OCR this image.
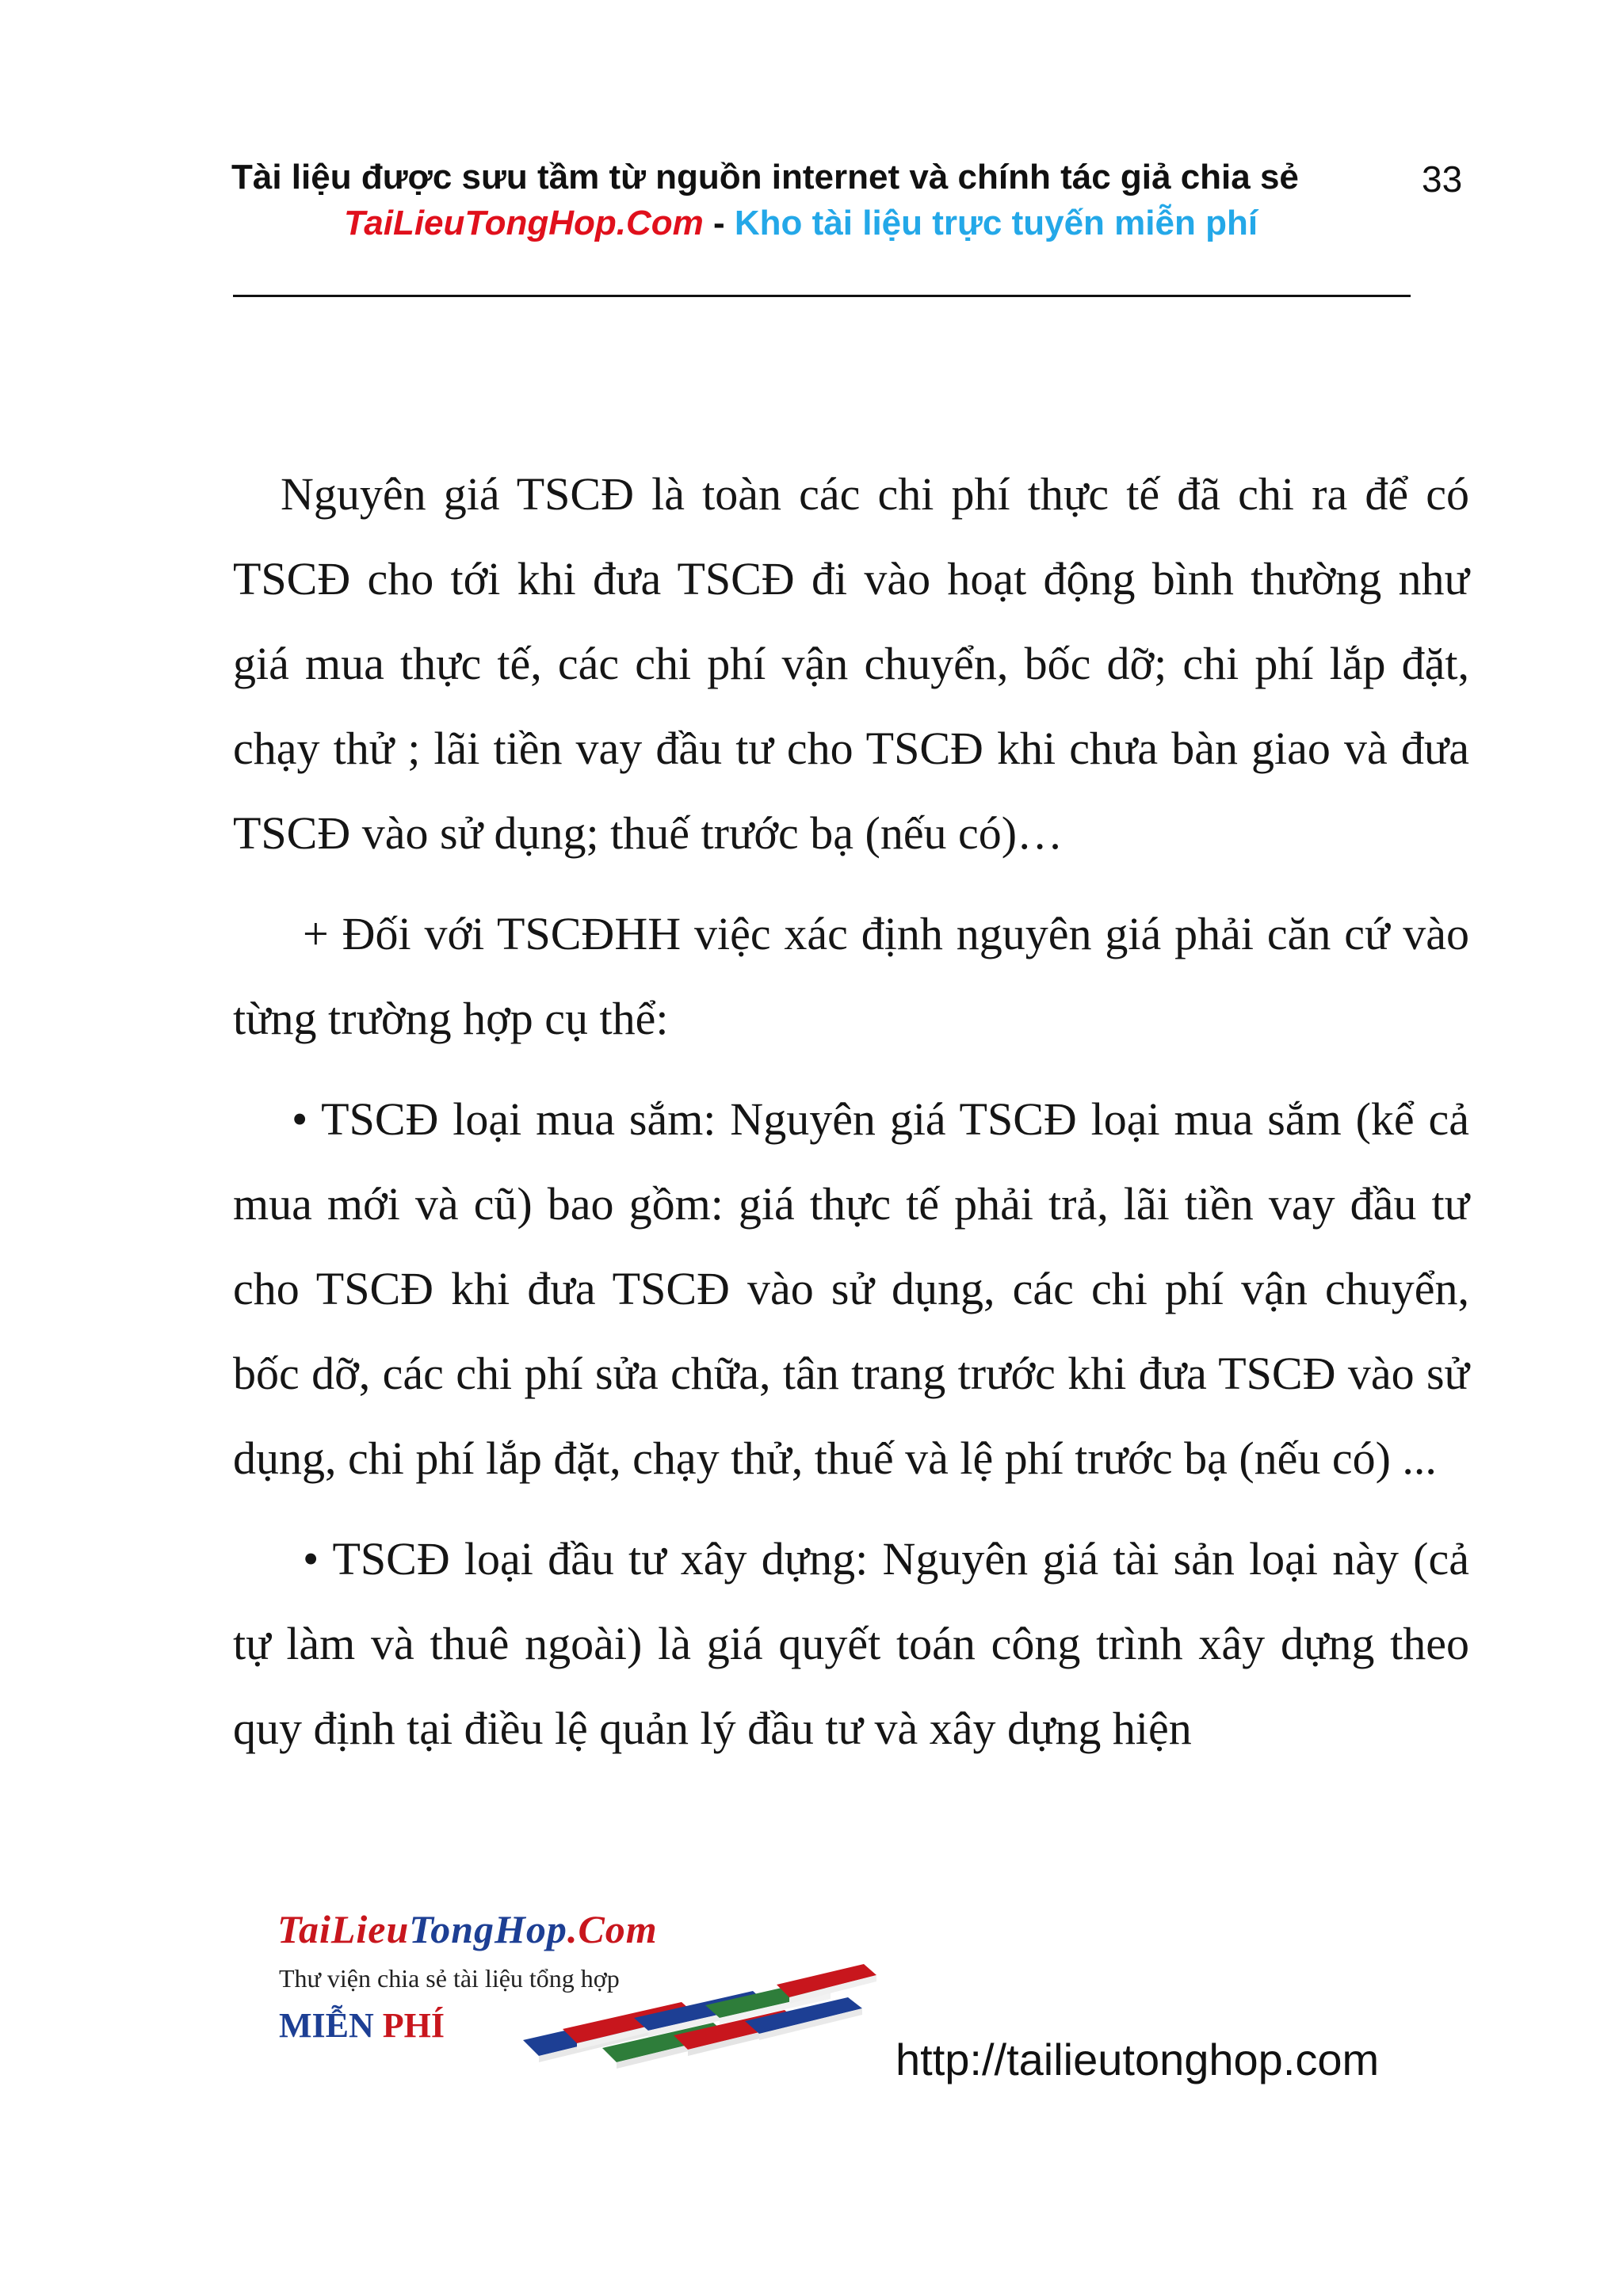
Tài liệu được sưu tầm từ nguồn internet và chính tác giả chia sẻ	33
TaiLieuTongHop.Com - Kho tài liệu trực tuyến miễn phí

Nguyên giá TSCĐ là toàn các chi phí thực tế đã chi ra để có TSCĐ cho tới khi đưa TSCĐ đi vào hoạt động bình thường như giá mua thực tế, các chi phí vận chuyển, bốc dỡ; chi phí lắp đặt, chạy thử ; lãi tiền vay đầu tư cho TSCĐ khi chưa bàn giao và đưa TSCĐ vào sử dụng; thuế trước bạ (nếu có)…

+ Đối với TSCĐHH việc xác định nguyên giá phải căn cứ vào từng trường hợp cụ thể:

• TSCĐ loại mua sắm: Nguyên giá TSCĐ loại mua sắm (kể cả mua mới và cũ) bao gồm: giá thực tế phải trả, lãi tiền vay đầu tư cho TSCĐ khi đưa TSCĐ vào sử dụng, các chi phí vận chuyển, bốc dỡ, các chi phí sửa chữa, tân trang trước khi đưa TSCĐ vào sử dụng, chi phí lắp đặt, chạy thử, thuế và lệ phí trước bạ (nếu có) ...

• TSCĐ loại đầu tư xây dựng: Nguyên giá tài sản loại này (cả tự làm và thuê ngoài) là giá quyết toán công trình xây dựng theo quy định tại điều lệ quản lý đầu tư và xây dựng hiện

TaiLieuTongHop.Com
Thư viện chia sẻ tài liệu tổng hợp
MIỄN PHÍ
http://tailieutonghop.com
